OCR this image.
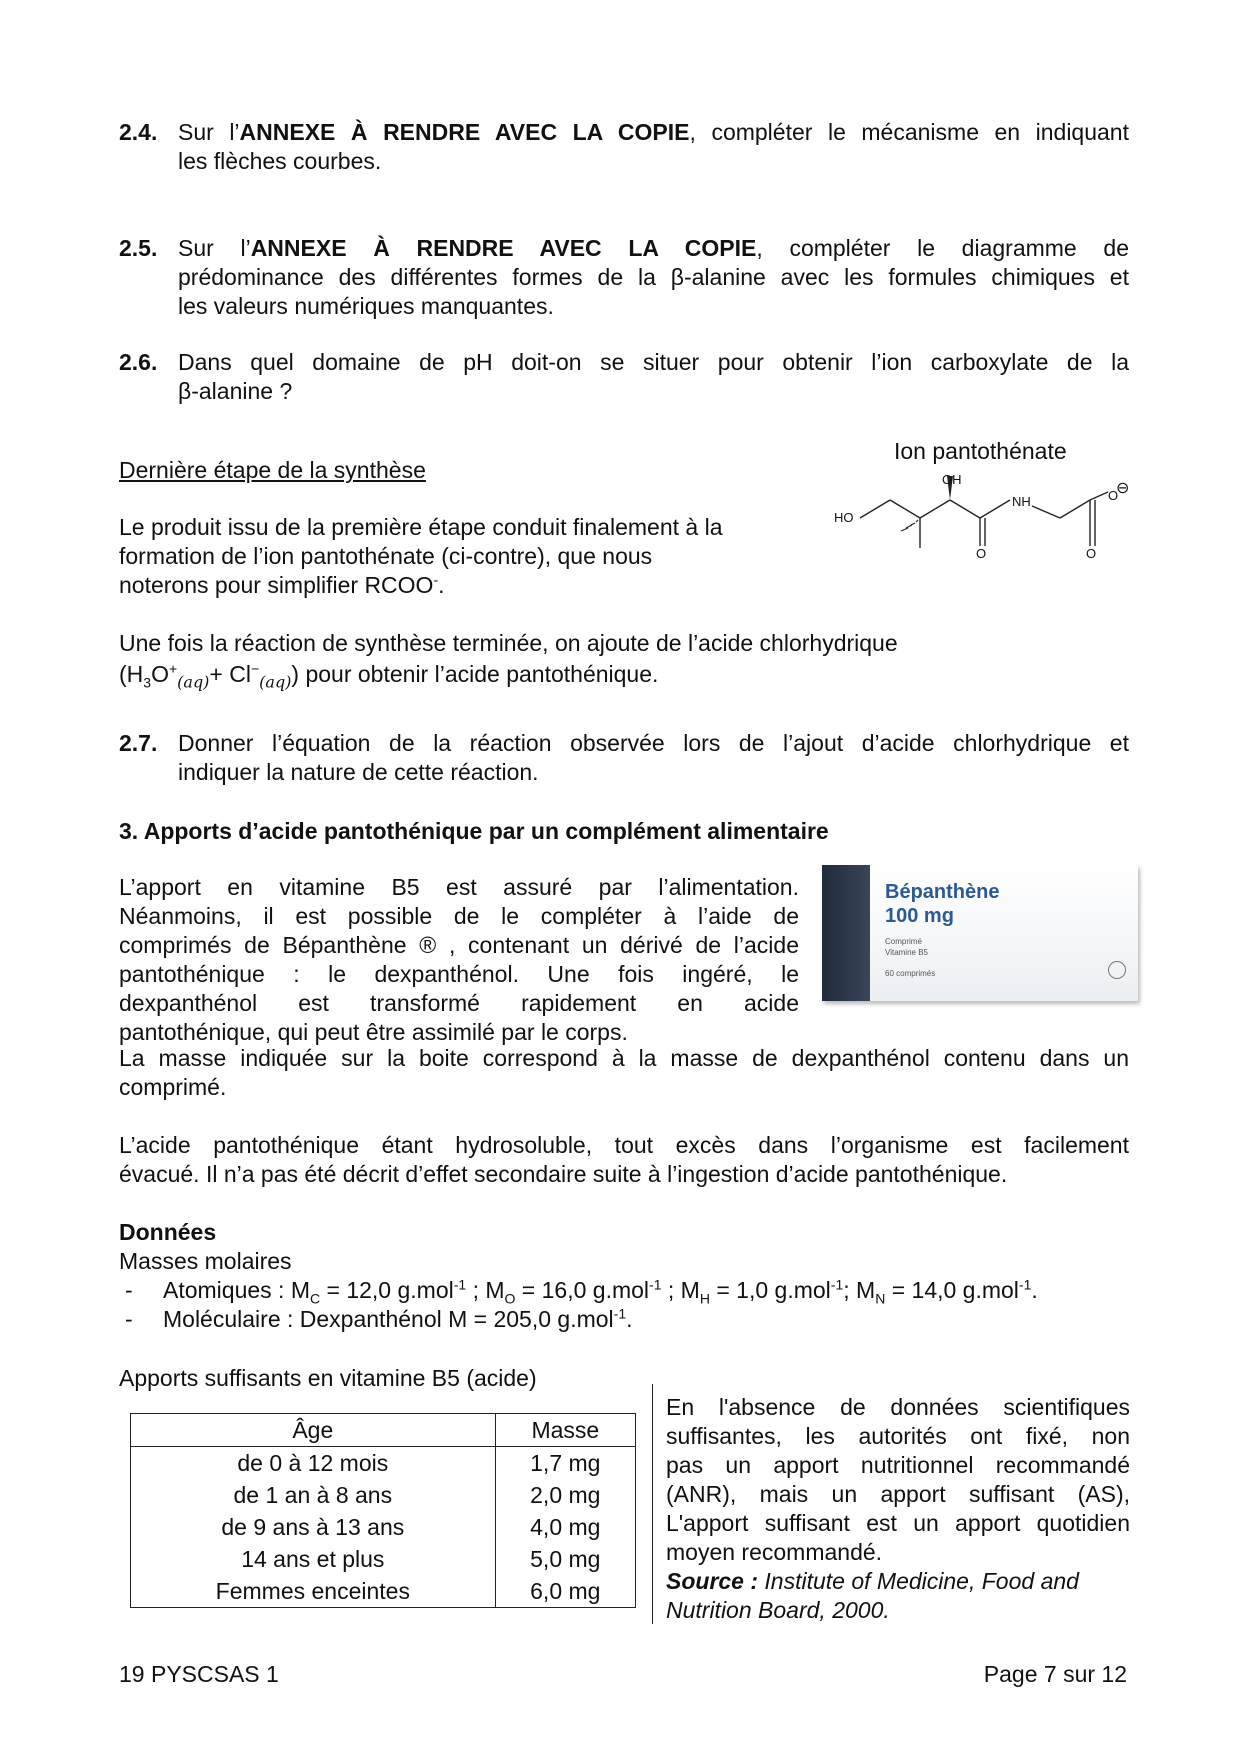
2.4. Sur l’ANNEXE À RENDRE AVEC LA COPIE, compléter le mécanisme en indiquant
les flèches courbes.
2.5. Sur l’ANNEXE À RENDRE AVEC LA COPIE, compléter le diagramme de
prédominance des différentes formes de la β-alanine avec les formules chimiques et
les valeurs numériques manquantes.
2.6. Dans quel domaine de pH doit-on se situer pour obtenir l’ion carboxylate de la
β-alanine ?
Dernière étape de la synthèse
Le produit issu de la première étape conduit finalement à la
formation de l’ion pantothénate (ci-contre), que nous
noterons pour simplifier RCOO-.
Ion pantothénate
OH
HO
NH	O
⊖
O	O
Une fois la réaction de synthèse terminée, on ajoute de l’acide chlorhydrique
$(H_3O^+_{(aq)}+ Cl^-_{(aq)})$ pour obtenir l’acide pantothénique.
2.7. Donner l’équation de la réaction observée lors de l’ajout d’acide chlorhydrique et
indiquer la nature de cette réaction.
3. Apports d’acide pantothénique par un complément alimentaire
L’apport en vitamine B5 est assuré par l’alimentation.
Néanmoins, il est possible de le compléter à l’aide de
comprimés de Bépanthène ® , contenant un dérivé de l’acide
pantothénique : le dexpanthénol. Une fois ingéré, le
dexpanthénol est transformé rapidement en acide
pantothénique, qui peut être assimilé par le corps.
Bépanthène
100 mg
Comprimé
Vitamine B5
60 comprimés
La masse indiquée sur la boite correspond à la masse de dexpanthénol contenu dans un
comprimé.
L’acide pantothénique étant hydrosoluble, tout excès dans l’organisme est facilement
évacué. Il n’a pas été décrit d’effet secondaire suite à l’ingestion d’acide pantothénique.
Données
Masses molaires
- Atomiques : $M_C = 12,0$ g.mol$^{-1}$ ; $M_O = 16,0$ g.mol$^{-1}$ ; $M_H = 1,0$ g.mol$^{-1}$; $M_N = 14,0$ g.mol$^{-1}$.
- Moléculaire : Dexpanthénol M = 205,0 g.mol$^{-1}$.
Apports suffisants en vitamine B5 (acide)
Âge	Masse
de 0 à 12 mois	1,7 mg
de 1 an à 8 ans	2,0 mg
de 9 ans à 13 ans	4,0 mg
14 ans et plus	5,0 mg
Femmes enceintes	6,0 mg
En l'absence de données scientifiques
suffisantes, les autorités ont fixé, non
pas un apport nutritionnel recommandé
(ANR), mais un apport suffisant (AS),
L'apport suffisant est un apport quotidien
moyen recommandé.
Source : Institute of Medicine, Food and
Nutrition Board, 2000.
19 PYSCSAS 1	Page 7 sur 12
